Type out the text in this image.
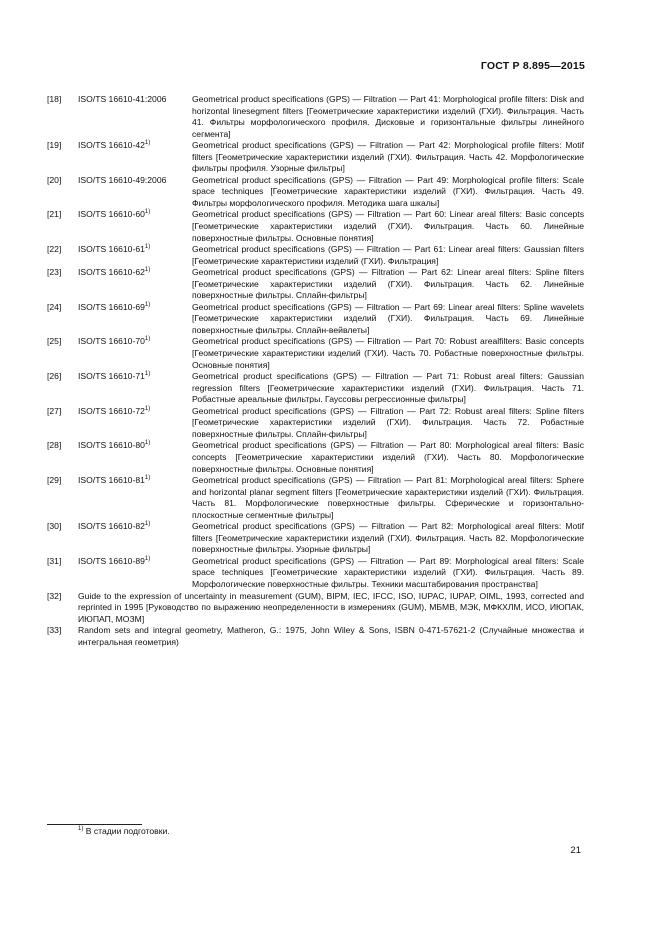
ГОСТ Р 8.895—2015
[18] ISO/TS 16610-41:2006	Geometrical product specifications (GPS) — Filtration — Part 41: Morphological profile filters: Disk and horizontal linesegment filters [Геометрические характеристики изделий (ГХИ). Фильтрация. Часть 41. Фильтры морфологического профиля. Дисковые и горизонтальные фильтры линейного сегмента]
[19] ISO/TS 16610-42$^{1)}$	Geometrical product specifications (GPS) — Filtration — Part 42: Morphological profile filters: Motif filters [Геометрические характеристики изделий (ГХИ). Фильтрация. Часть 42. Морфологические фильтры профиля. Узорные фильтры]
[20] ISO/TS 16610-49:2006	Geometrical product specifications (GPS) — Filtration — Part 49: Morphological profile filters: Scale space techniques [Геометрические характеристики изделий (ГХИ). Фильтрация. Часть 49. Фильтры морфологического профиля. Методика шага шкалы]
[21] ISO/TS 16610-60$^{1)}$	Geometrical product specifications (GPS) — Filtration — Part 60: Linear areal filters: Basic concepts [Геометрические характеристики изделий (ГХИ). Фильтрация. Часть 60. Линейные поверхностные фильтры. Основные понятия]
[22] ISO/TS 16610-61$^{1)}$	Geometrical product specifications (GPS) — Filtration — Part 61: Linear areal filters: Gaussian filters [Геометрические характеристики изделий (ГХИ). Фильтрация]
[23] ISO/TS 16610-62$^{1)}$	Geometrical product specifications (GPS) — Filtration — Part 62: Linear areal filters: Spline filters [Геометрические характеристики изделий (ГХИ). Фильтрация. Часть 62. Линейные поверхностные фильтры. Сплайн-фильтры]
[24] ISO/TS 16610-69$^{1)}$	Geometrical product specifications (GPS) — Filtration — Part 69: Linear areal filters: Spline wavelets [Геометрические характеристики изделий (ГХИ). Фильтрация. Часть 69. Линейные поверхностные фильтры. Сплайн-вейвлеты]
[25] ISO/TS 16610-70$^{1)}$	Geometrical product specifications (GPS) — Filtration — Part 70: Robust arealfilters: Basic concepts [Геометрические характеристики изделий (ГХИ). Часть 70. Робастные поверхностные фильтры. Основные понятия]
[26] ISO/TS 16610-71$^{1)}$	Geometrical product specifications (GPS) — Filtration — Part 71: Robust areal filters: Gaussian regression filters [Геометрические характеристики изделий (ГХИ). Фильтрация. Часть 71. Робастные ареальные фильтры. Гауссовы регрессионные фильтры]
[27] ISO/TS 16610-72$^{1)}$	Geometrical product specifications (GPS) — Filtration — Part 72: Robust areal filters: Spline filters [Геометрические характеристики изделий (ГХИ). Фильтрация. Часть 72. Робастные поверхностные фильтры. Сплайн-фильтры]
[28] ISO/TS 16610-80$^{1)}$	Geometrical product specifications (GPS) — Filtration — Part 80: Morphological areal filters: Basic concepts [Геометрические характеристики изделий (ГХИ). Часть 80. Морфологические поверхностные фильтры. Основные понятия]
[29] ISO/TS 16610-81$^{1)}$	Geometrical product specifications (GPS) — Filtration — Part 81: Morphological areal filters: Sphere and horizontal planar segment filters [Геометрические характеристики изделий (ГХИ). Фильтрация. Часть 81. Морфологические поверхностные фильтры. Сферические и горизонтально-плоскостные сегментные фильтры]
[30] ISO/TS 16610-82$^{1)}$	Geometrical product specifications (GPS) — Filtration — Part 82: Morphological areal filters: Motif filters [Геометрические характеристики изделий (ГХИ). Фильтрация. Часть 82. Морфологические поверхностные фильтры. Узорные фильтры]
[31] ISO/TS 16610-89$^{1)}$	Geometrical product specifications (GPS) — Filtration — Part 89: Morphological areal filters: Scale space techniques [Геометрические характеристики изделий (ГХИ). Фильтрация. Часть 89. Морфологические поверхностные фильтры. Техники масштабирования пространства]
[32] Guide to the expression of uncertainty in measurement (GUM), BIPM, IEC, IFCC, ISO, IUPAC, IUPAP, OIML, 1993, corrected and reprinted in 1995 [Руководство по выражению неопределенности в измерениях (GUM), МБМВ, МЭК, МФКХЛМ, ИСО, ИЮПАК, ИЮПАП, МОЗМ]
[33] Random sets and integral geometry, Matheron, G.: 1975, John Wiley & Sons, ISBN 0-471-57621-2 (Случайные множества и интегральная геометрия)
$^{1)}$ В стадии подготовки.
21
